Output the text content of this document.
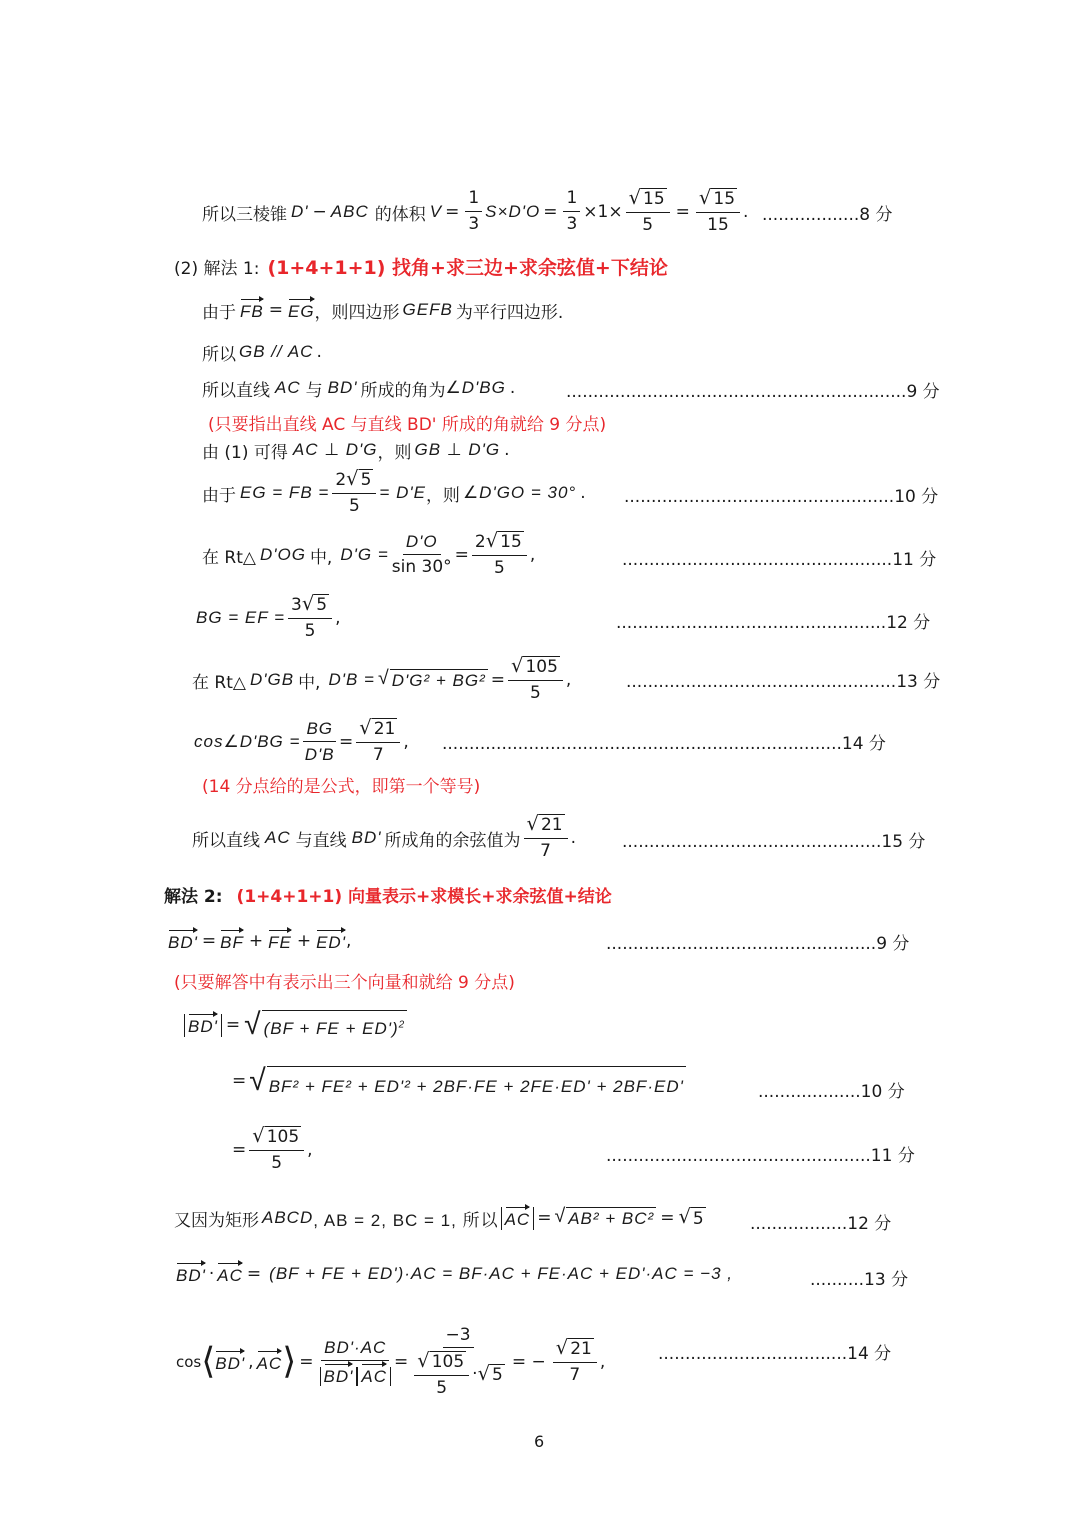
所以三棱锥 D' − ABC 的体积 $V = \frac{1}{3} S\times D'O = \frac{1}{3} \times 1\times \frac{√ 15}{5} = \frac{√ 15}{15}$ . ..................8 分
(2) 解法 1: (1+4+1+1) 找角+求三边+求余弦值+下结论
由于 FB = EG ，则四边形 GEFB 为平行四边形.
所以 GB // AC .
所以直线 AC 与 BD' 所成的角为 ∠D'BG .	...............................................................9 分
(只要指出直线 AC 与直线 BD' 所成的角就给 9 分点)
由 (1) 可得 AC ⊥ D'G ，则 GB ⊥ D'G .
由于 EG = FB = $\frac{2 √ 5}{5} = D'E$ ，则 ∠D'GO = 30° . ..................................................10 分
在 Rt△ D'OG 中, $D'G = \frac{D'O}{\sin 30^\circ} = \frac{2 √ 15}{5}$ ,	..................................................11 分
BG = EF = $\frac{3 √ 5}{5}$ ,	..................................................12 分
在 Rt△ D'GB 中, D'B = √ $D'G^2 + BG^2 = \frac{√ 105}{5}$ ,	..................................................13 分
cos∠D'BG = $\frac{BG}{D'B} = \frac{√ 21}{7}$ , ..........................................................................14 分
(14 分点给的是公式，即第一个等号)
所以直线 AC 与直线 BD' 所成角的余弦值为 $\frac{√ 21}{7}$ .	................................................15 分
解法 2: (1+4+1+1) 向量表示+求模长+求余弦值+结论
BD' = BF + FE + ED' ,	..................................................9 分
(只要解答中有表示出三个向量和就给 9 分点)
BD' = √ (BF + FE + ED')$^2$
= √ BF² + FE² + ED'² + 2BF·FE + 2FE·ED' + 2BF·ED'	...................10 分
= $\frac{√ 105}{5}$ ,	.................................................11 分
又因为矩形 ABCD , AB = 2, BC = 1, 所以 AC = √ AB² + BC² = √ 5	..................12 分
BD' · AC = (BF + FE + ED')·AC = BF·AC + FE·AC + ED'·AC = −3 ,	..........13 分
cos ⟨ BD' , AC ⟩ = $\frac{BD'\cdot AC}{BD' AC} = \frac{-3}{\frac{√ 105}{5} \cdot √ 5}$ = − $\frac{√ 21}{7}$ ,	...................................14 分
6
